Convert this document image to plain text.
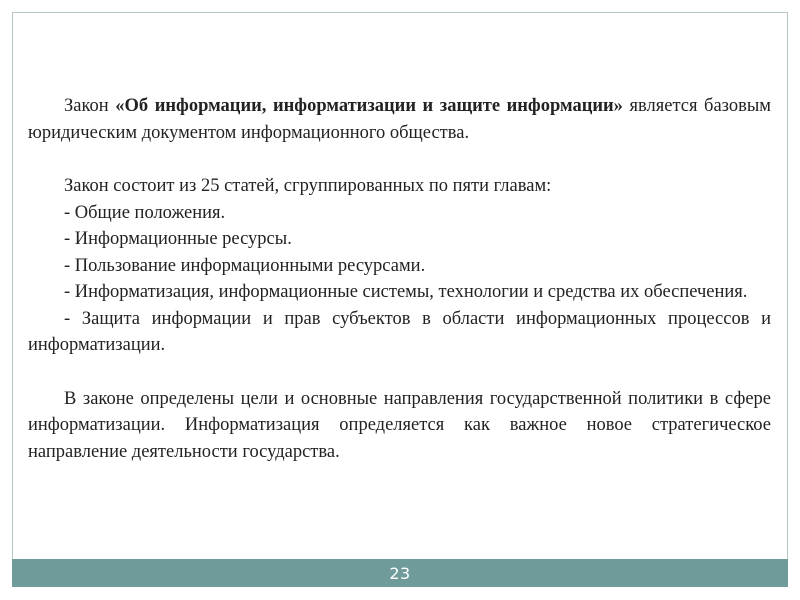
Закон «Об информации, информатизации и защите информации» является базовым юридическим документом информационного общества.

Закон состоит из 25 статей, сгруппированных по пяти главам:

- Общие положения.

- Информационные ресурсы.

- Пользование информационными ресурсами.

- Информатизация, информационные системы, технологии и средства их обеспечения.

- Защита информации и прав субъектов в области информационных процессов и информатизации.

В законе определены цели и основные направления государственной политики в сфере информатизации. Информатизация определяется как важное новое стратегическое направление деятельности государства.

23
